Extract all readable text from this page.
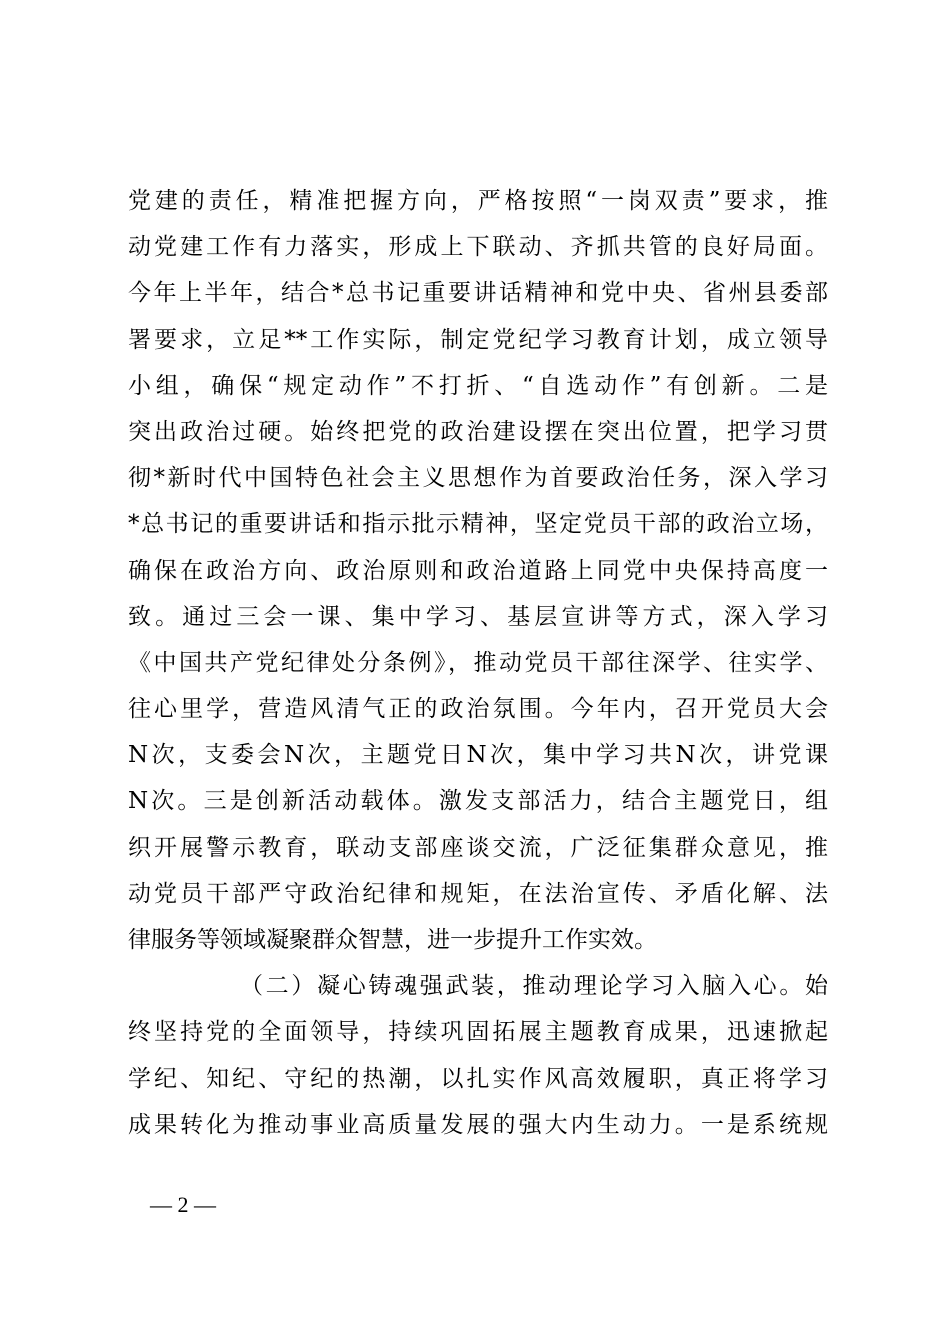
党建的责任，精准把握方向，严格按照“一岗双责”要求，推
动党建工作有力落实，形成上下联动、齐抓共管的良好局面。
今年上半年，结合*总书记重要讲话精神和党中央、省州县委部
署要求，立足**工作实际，制定党纪学习教育计划，成立领导
小组，确保“规定动作”不打折、“自选动作”有创新。二是
突出政治过硬。始终把党的政治建设摆在突出位置，把学习贯
彻*新时代中国特色社会主义思想作为首要政治任务，深入学习
*总书记的重要讲话和指示批示精神，坚定党员干部的政治立场，
确保在政治方向、政治原则和政治道路上同党中央保持高度一
致。通过三会一课、集中学习、基层宣讲等方式，深入学习
《中国共产党纪律处分条例》，推动党员干部往深学、往实学、
往心里学，营造风清气正的政治氛围。今年内，召开党员大会
N次，支委会N次，主题党日N次，集中学习共N次，讲党课
N次。三是创新活动载体。激发支部活力，结合主题党日，组
织开展警示教育，联动支部座谈交流，广泛征集群众意见，推
动党员干部严守政治纪律和规矩，在法治宣传、矛盾化解、法
律服务等领域凝聚群众智慧，进一步提升工作实效。
（二）凝心铸魂强武装，推动理论学习入脑入心。始
终坚持党的全面领导，持续巩固拓展主题教育成果，迅速掀起
学纪、知纪、守纪的热潮，以扎实作风高效履职，真正将学习
成果转化为推动事业高质量发展的强大内生动力。一是系统规
— 2 —
